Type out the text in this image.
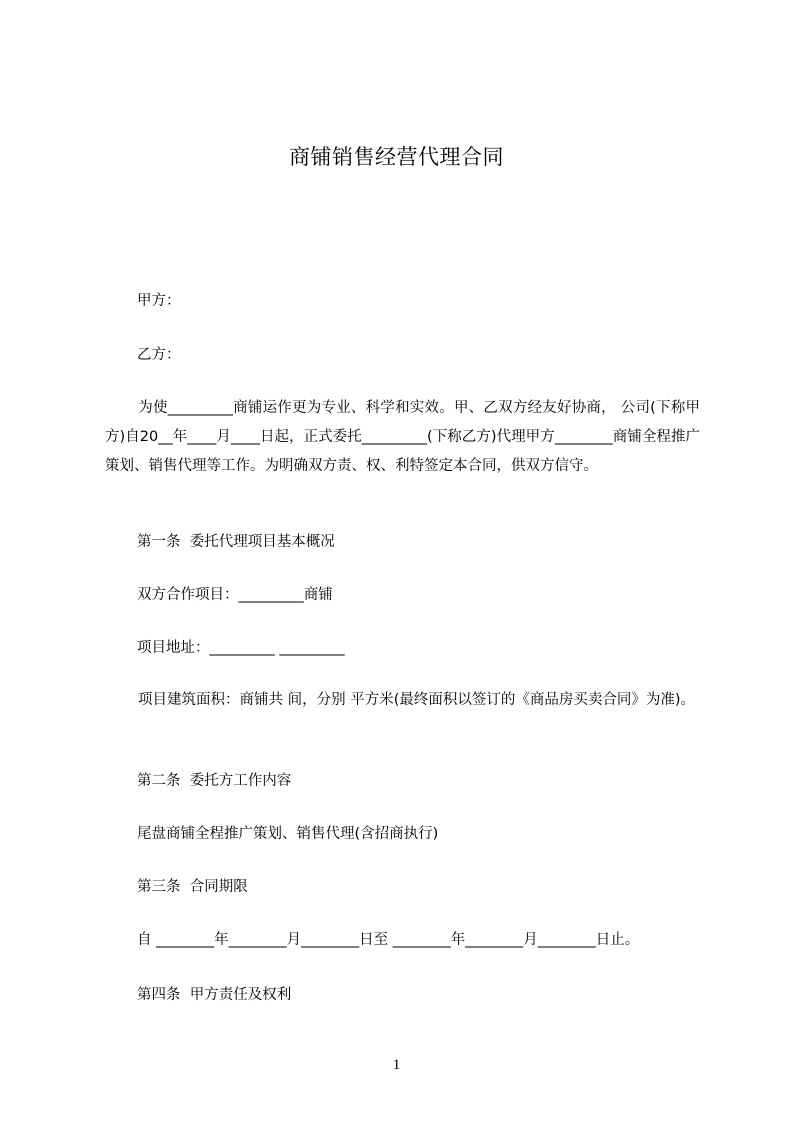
商铺销售经营代理合同
甲方：
乙方：
为使_________商铺运作更为专业、科学和实效。甲、乙双方经友好协商， 公司(下称甲方)自20__年____月____日起，正式委托_________(下称乙方)代理甲方________商铺全程推广策划、销售代理等工作。为明确双方责、权、利特签定本合同，供双方信守。
第一条  委托代理项目基本概况
双方合作项目：_________商铺
项目地址：_________ _________
项目建筑面积：商铺共 间，分别 平方米(最终面积以签订的《商品房买卖合同》为准)。
第二条  委托方工作内容
尾盘商铺全程推广策划、销售代理(含招商执行)
第三条  合同期限
自 ________年________月________日至 ________年________月________日止。
第四条  甲方责任及权利
1
